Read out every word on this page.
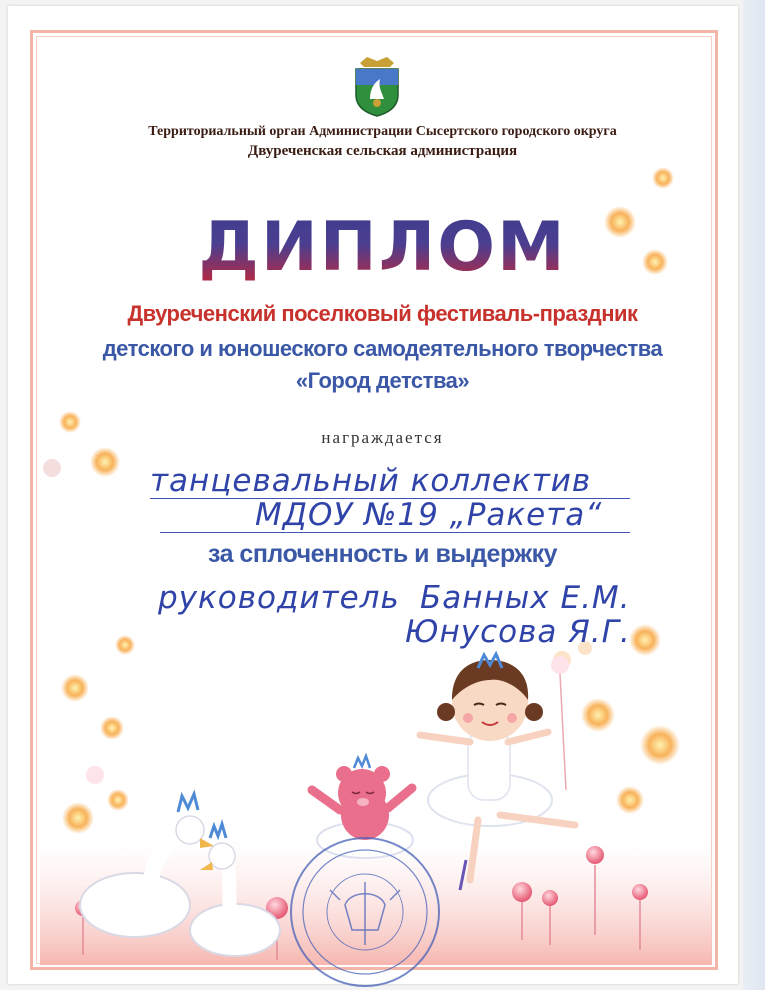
Территориальный орган Администрации Сысертского городского округа
Двуреченская сельская администрация
ДИПЛОМ
Двуреченский поселковый фестиваль-праздник
детского и юношеского самодеятельного творчества
«Город детства»
награждается
танцевальный коллектив
МДОУ №19 „Ракета“
за сплоченность и выдержку
руководитель Банных Е.М.
Юнусова Я.Г.
